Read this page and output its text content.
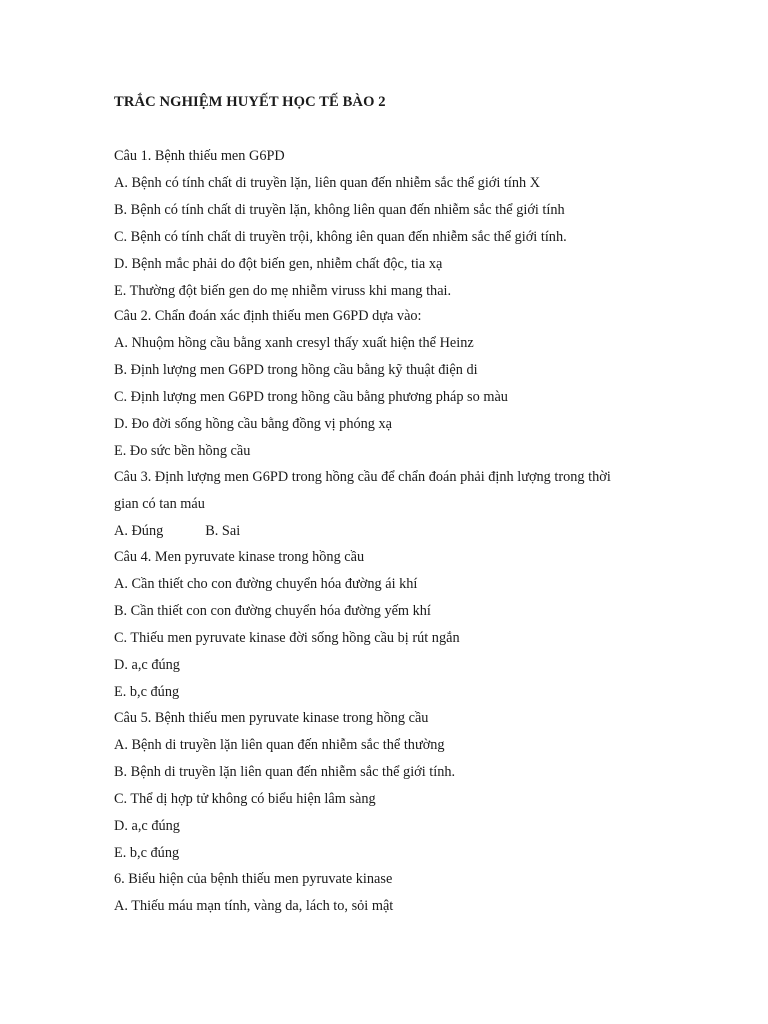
TRẮC NGHIỆM HUYẾT HỌC TẾ BÀO 2
Câu 1. Bệnh thiếu men G6PD
A. Bệnh có tính chất di truyền lặn, liên quan đến nhiễm sắc thể giới tính X
B. Bệnh có tính chất di truyền lặn, không liên quan đến nhiễm sắc thể giới tính
C. Bệnh có tính chất di truyền trội, không iên quan đến nhiễm sắc thể giới tính.
D. Bệnh mắc phải do đột biến gen, nhiễm chất độc, tia xạ
E. Thường đột biến gen do mẹ nhiễm viruss khi mang thai.
Câu 2. Chẩn đoán xác định thiếu men G6PD dựa vào:
A. Nhuộm hồng cầu bằng xanh cresyl thấy xuất hiện thể Heinz
B. Định lượng men G6PD trong hồng cầu bằng kỹ thuật điện di
C. Định lượng men G6PD trong hồng cầu bằng phương pháp so màu
D. Đo đời sống hồng cầu bằng đồng vị phóng xạ
E. Đo sức bền hồng cầu
Câu 3. Định lượng men G6PD trong hồng cầu để chẩn đoán phải định lượng trong thời
gian có tan máu
A. Đúng	B. Sai
Câu 4. Men pyruvate kinase trong hồng cầu
A. Cần thiết cho con đường chuyển hóa đường ái khí
B. Cần thiết con con đường chuyển hóa đường yếm khí
C. Thiếu men pyruvate kinase đời sống hồng cầu bị rút ngắn
D. a,c đúng
E. b,c đúng
Câu 5. Bệnh thiếu men pyruvate kinase trong hồng cầu
A. Bệnh di truyền lặn liên quan đến nhiễm sắc thể thường
B. Bệnh di truyền lặn liên quan đến nhiễm sắc thể giới tính.
C. Thể dị hợp tử không có biểu hiện lâm sàng
D. a,c đúng
E. b,c đúng
6. Biểu hiện của bệnh thiếu men pyruvate kinase
A. Thiếu máu mạn tính, vàng da, lách to, sỏi mật
